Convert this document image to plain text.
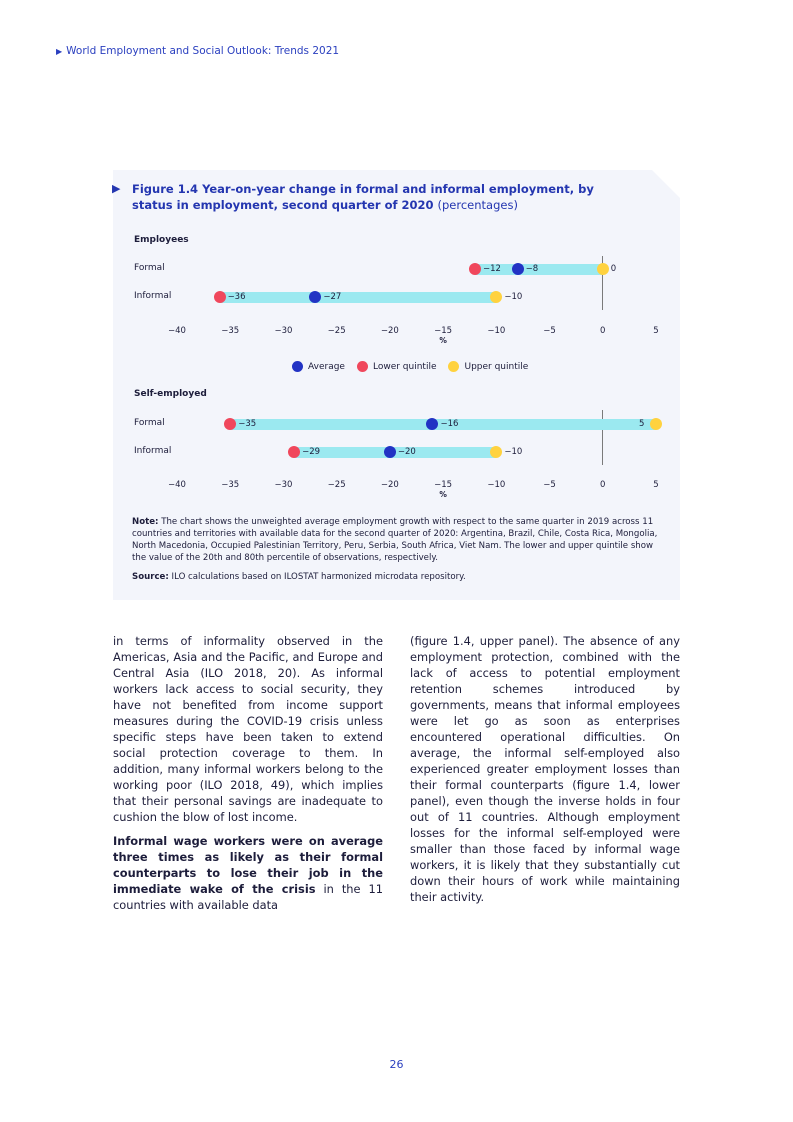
▶ World Employment and Social Outlook: Trends 2021
▶ Figure 1.4 Year-on-year change in formal and informal employment, by status in employment, second quarter of 2020 (percentages)
Employees
Formal
Informal
Average	Lower quintile	Upper quintile
Self-employed
Formal
Informal
−40	−35	−30	−25	−20	−15	−10	−5	0	5
%
−12	−8	0
−36	−27	−10
−40	−35	−30	−25	−20	−15	−10	−5	0	5
%
−35	−16	5
−29	−20	−10
Note: The chart shows the unweighted average employment growth with respect to the same quarter in 2019 across 11 countries and territories with available data for the second quarter of 2020: Argentina, Brazil, Chile, Costa Rica, Mongolia, North Macedonia, Occupied Palestinian Territory, Peru, Serbia, South Africa, Viet Nam. The lower and upper quintile show the value of the 20th and 80th percentile of observations, respectively.
Source: ILO calculations based on ILOSTAT harmonized microdata repository.

in terms of informality observed in the Americas, Asia and the Pacific, and Europe and Central Asia (ILO 2018, 20). As informal workers lack access to social security, they have not benefited from income support measures during the COVID-19 crisis unless specific steps have been taken to extend social protection coverage to them. In addition, many informal workers belong to the working poor (ILO 2018, 49), which implies that their personal savings are inadequate to cushion the blow of lost income.

Informal wage workers were on average three times as likely as their formal counterparts to lose their job in the immediate wake of the crisis in the 11 countries with available data

(figure 1.4, upper panel). The absence of any employment protection, combined with the lack of access to potential employment retention schemes introduced by governments, means that informal employees were let go as soon as enterprises encountered operational difficulties. On average, the informal self-employed also experienced greater employment losses than their formal counterparts (figure 1.4, lower panel), even though the inverse holds in four out of 11 countries. Although employment losses for the informal self-employed were smaller than those faced by informal wage workers, it is likely that they substantially cut down their hours of work while maintaining their activity.

26
